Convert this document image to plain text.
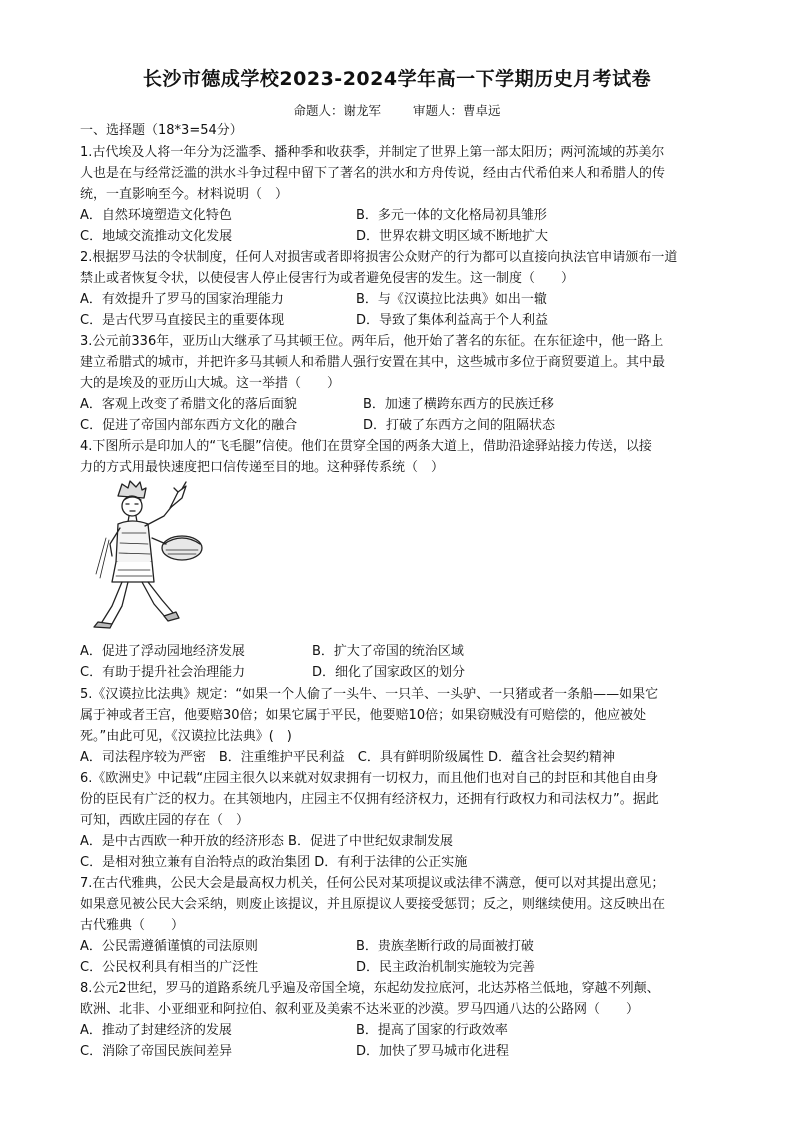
长沙市德成学校2023-2024学年高一下学期历史月考试卷
命题人：谢龙军	审题人：曹卓远
一、选择题（18*3=54分）
1.古代埃及人将一年分为泛滥季、播种季和收获季，并制定了世界上第一部太阳历；两河流域的苏美尔
人也是在与经常泛滥的洪水斗争过程中留下了著名的洪水和方舟传说，经由古代希伯来人和希腊人的传
统，一直影响至今。材料说明（　）
A．自然环境塑造文化特色	B．多元一体的文化格局初具雏形
C．地域交流推动文化发展	D．世界农耕文明区域不断地扩大
2.根据罗马法的令状制度，任何人对损害或者即将损害公众财产的行为都可以直接向执法官申请颁布一道
禁止或者恢复令状，以使侵害人停止侵害行为或者避免侵害的发生。这一制度（　　）
A．有效提升了罗马的国家治理能力	B．与《汉谟拉比法典》如出一辙
C．是古代罗马直接民主的重要体现	D．导致了集体利益高于个人利益
3.公元前336年，亚历山大继承了马其顿王位。两年后，他开始了著名的东征。在东征途中，他一路上
建立希腊式的城市，并把许多马其顿人和希腊人强行安置在其中，这些城市多位于商贸要道上。其中最
大的是埃及的亚历山大城。这一举措（　　）
A．客观上改变了希腊文化的落后面貌	B．加速了横跨东西方的民族迁移
C．促进了帝国内部东西方文化的融合	D．打破了东西方之间的阻隔状态
4.下图所示是印加人的“飞毛腿”信使。他们在贯穿全国的两条大道上，借助沿途驿站接力传送，以接
力的方式用最快速度把口信传递至目的地。这种驿传系统（　）
A．促进了浮动园地经济发展	B．扩大了帝国的统治区域
C．有助于提升社会治理能力	D．细化了国家政区的划分
5.《汉谟拉比法典》规定：“如果一个人偷了一头牛、一只羊、一头驴、一只猪或者一条船——如果它
属于神或者王宫，他要赔30倍；如果它属于平民，他要赔10倍；如果窃贼没有可赔偿的，他应被处
死。”由此可见，《汉谟拉比法典》(　)
A．司法程序较为严密　B．注重维护平民利益　C．具有鲜明阶级属性 D．蕴含社会契约精神
6.《欧洲史》中记载“庄园主很久以来就对奴隶拥有一切权力，而且他们也对自己的封臣和其他自由身
份的臣民有广泛的权力。在其领地内，庄园主不仅拥有经济权力，还拥有行政权力和司法权力”。据此
可知，西欧庄园的存在（　）
A．是中古西欧一种开放的经济形态 B．促进了中世纪奴隶制发展
C．是相对独立兼有自治特点的政治集团 D．有利于法律的公正实施
7.在古代雅典，公民大会是最高权力机关，任何公民对某项提议或法律不满意，便可以对其提出意见；
如果意见被公民大会采纳，则废止该提议，并且原提议人要接受惩罚；反之，则继续使用。这反映出在
古代雅典（　　）
A．公民需遵循谨慎的司法原则	B．贵族垄断行政的局面被打破
C．公民权利具有相当的广泛性	D．民主政治机制实施较为完善
8.公元2世纪，罗马的道路系统几乎遍及帝国全境，东起幼发拉底河，北达苏格兰低地，穿越不列颠、
欧洲、北非、小亚细亚和阿拉伯、叙利亚及美索不达米亚的沙漠。罗马四通八达的公路网（　　）
A．推动了封建经济的发展	B．提高了国家的行政效率
C．消除了帝国民族间差异	D．加快了罗马城市化进程
